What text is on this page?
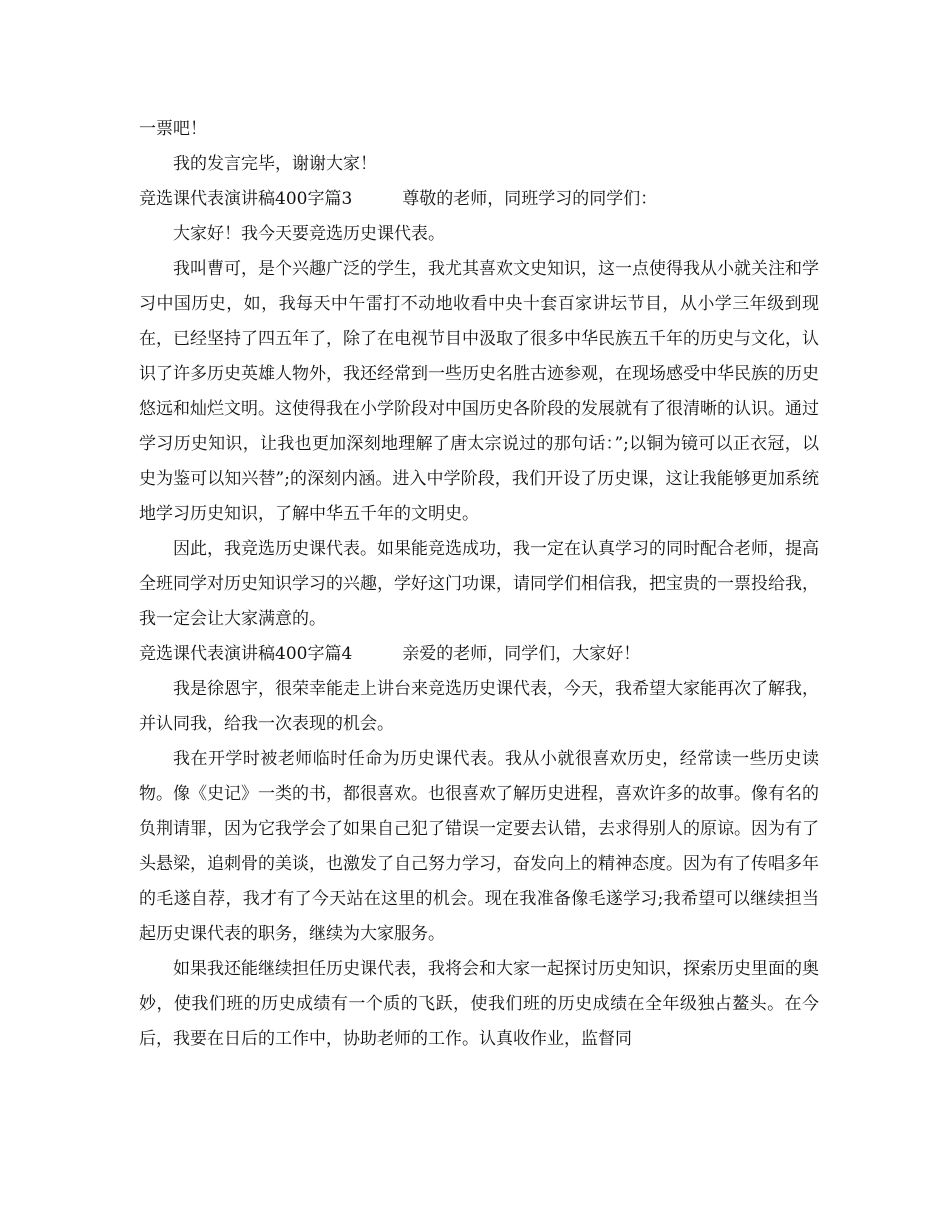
一票吧！

我的发言完毕，谢谢大家！

竞选课代表演讲稿400字篇3	尊敬的老师，同班学习的同学们：

大家好！我今天要竞选历史课代表。

我叫曹可，是个兴趣广泛的学生，我尤其喜欢文史知识，这一点使得我从小就关注和学习中国历史，如，我每天中午雷打不动地收看中央十套百家讲坛节目，从小学三年级到现在，已经坚持了四五年了，除了在电视节目中汲取了很多中华民族五千年的历史与文化，认识了许多历史英雄人物外，我还经常到一些历史名胜古迹参观，在现场感受中华民族的历史悠远和灿烂文明。这使得我在小学阶段对中国历史各阶段的发展就有了很清晰的认识。通过学习历史知识，让我也更加深刻地理解了唐太宗说过的那句话：”;以铜为镜可以正衣冠，以史为鉴可以知兴替”;的深刻内涵。进入中学阶段，我们开设了历史课，这让我能够更加系统地学习历史知识，了解中华五千年的文明史。

因此，我竞选历史课代表。如果能竞选成功，我一定在认真学习的同时配合老师，提高全班同学对历史知识学习的兴趣，学好这门功课，请同学们相信我，把宝贵的一票投给我，我一定会让大家满意的。

竞选课代表演讲稿400字篇4	亲爱的老师，同学们，大家好！

我是徐恩宇，很荣幸能走上讲台来竞选历史课代表，今天，我希望大家能再次了解我，并认同我，给我一次表现的机会。

我在开学时被老师临时任命为历史课代表。我从小就很喜欢历史，经常读一些历史读物。像《史记》一类的书，都很喜欢。也很喜欢了解历史进程，喜欢许多的故事。像有名的负荆请罪，因为它我学会了如果自己犯了错误一定要去认错，去求得别人的原谅。因为有了头悬梁，追刺骨的美谈，也激发了自己努力学习，奋发向上的精神态度。因为有了传唱多年的毛遂自荐，我才有了今天站在这里的机会。现在我准备像毛遂学习;我希望可以继续担当起历史课代表的职务，继续为大家服务。

如果我还能继续担任历史课代表，我将会和大家一起探讨历史知识，探索历史里面的奥妙，使我们班的历史成绩有一个质的飞跃，使我们班的历史成绩在全年级独占鳌头。在今后，我要在日后的工作中，协助老师的工作。认真收作业，监督同
